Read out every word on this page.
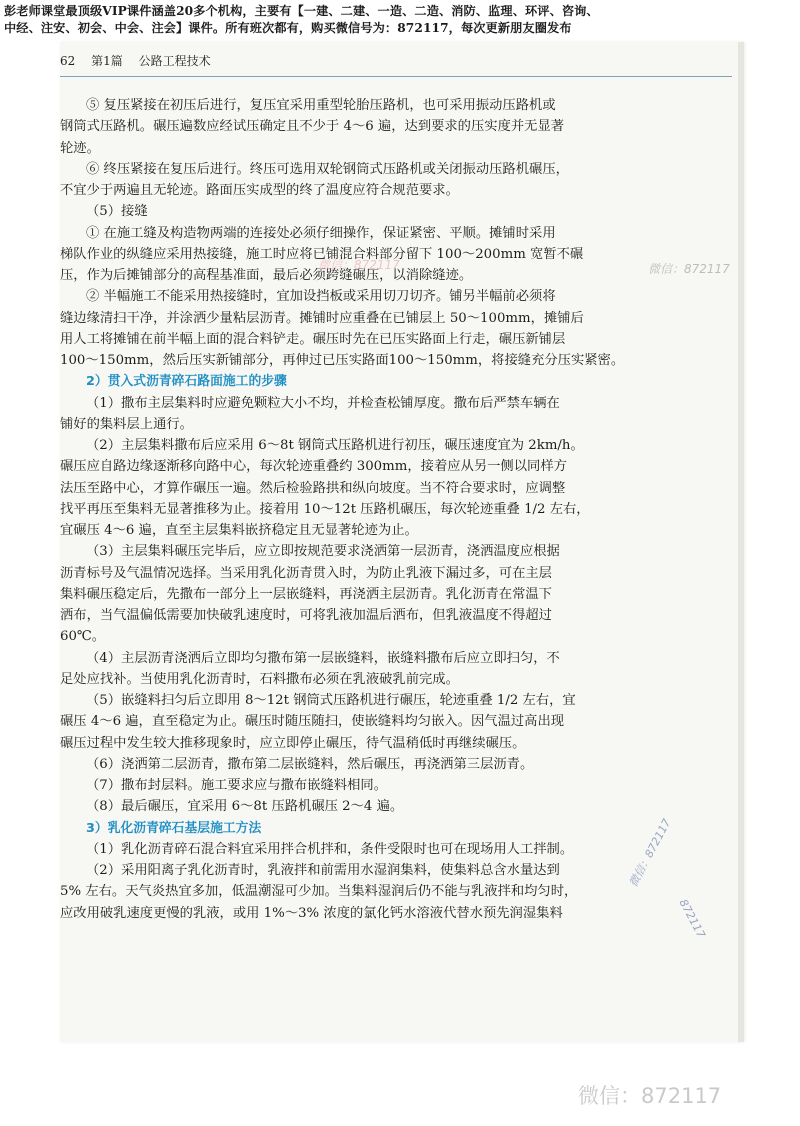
彭老师课堂最顶级VIP课件涵盖20多个机构，主要有【一建、二建、一造、二造、消防、监理、环评、咨询、
中经、注安、初会、中会、注会】课件。所有班次都有，购买微信号为：872117，每次更新朋友圈发布
62 第1篇 公路工程技术
⑤ 复压紧接在初压后进行，复压宜采用重型轮胎压路机，也可采用振动压路机或
钢筒式压路机。碾压遍数应经试压确定且不少于 4～6 遍，达到要求的压实度并无显著
轮迹。
⑥ 终压紧接在复压后进行。终压可选用双轮钢筒式压路机或关闭振动压路机碾压，
不宜少于两遍且无轮迹。路面压实成型的终了温度应符合规范要求。
（5）接缝
① 在施工缝及构造物两端的连接处必须仔细操作，保证紧密、平顺。摊铺时采用
梯队作业的纵缝应采用热接缝，施工时应将已铺混合料部分留下 100～200mm 宽暂不碾
压，作为后摊铺部分的高程基准面，最后必须跨缝碾压，以消除缝迹。
② 半幅施工不能采用热接缝时，宜加设挡板或采用切刀切齐。铺另半幅前必须将
缝边缘清扫干净，并涂洒少量粘层沥青。摊铺时应重叠在已铺层上 50～100mm，摊铺后
用人工将摊铺在前半幅上面的混合料铲走。碾压时先在已压实路面上行走，碾压新铺层
100～150mm，然后压实新铺部分，再伸过已压实路面100～150mm，将接缝充分压实紧密。
2）贯入式沥青碎石路面施工的步骤
（1）撒布主层集料时应避免颗粒大小不均，并检查松铺厚度。撒布后严禁车辆在
铺好的集料层上通行。
（2）主层集料撒布后应采用 6～8t 钢筒式压路机进行初压，碾压速度宜为 2km/h。
碾压应自路边缘逐渐移向路中心，每次轮迹重叠约 300mm，接着应从另一侧以同样方
法压至路中心，才算作碾压一遍。然后检验路拱和纵向坡度。当不符合要求时，应调整
找平再压至集料无显著推移为止。接着用 10～12t 压路机碾压，每次轮迹重叠 1/2 左右，
宜碾压 4～6 遍，直至主层集料嵌挤稳定且无显著轮迹为止。
（3）主层集料碾压完毕后，应立即按规范要求浇洒第一层沥青，浇洒温度应根据
沥青标号及气温情况选择。当采用乳化沥青贯入时，为防止乳液下漏过多，可在主层
集料碾压稳定后，先撒布一部分上一层嵌缝料，再浇洒主层沥青。乳化沥青在常温下
洒布，当气温偏低需要加快破乳速度时，可将乳液加温后洒布，但乳液温度不得超过
60℃。
（4）主层沥青浇洒后立即均匀撒布第一层嵌缝料，嵌缝料撒布后应立即扫匀，不
足处应找补。当使用乳化沥青时，石料撒布必须在乳液破乳前完成。
（5）嵌缝料扫匀后立即用 8～12t 钢筒式压路机进行碾压，轮迹重叠 1/2 左右，宜
碾压 4～6 遍，直至稳定为止。碾压时随压随扫，使嵌缝料均匀嵌入。因气温过高出现
碾压过程中发生较大推移现象时，应立即停止碾压，待气温稍低时再继续碾压。
（6）浇洒第二层沥青，撒布第二层嵌缝料，然后碾压，再浇洒第三层沥青。
（7）撒布封层料。施工要求应与撒布嵌缝料相同。
（8）最后碾压，宜采用 6～8t 压路机碾压 2～4 遍。
3）乳化沥青碎石基层施工方法
（1）乳化沥青碎石混合料宜采用拌合机拌和，条件受限时也可在现场用人工拌制。
（2）采用阳离子乳化沥青时，乳液拌和前需用水湿润集料，使集料总含水量达到
5% 左右。天气炎热宜多加，低温潮湿可少加。当集料湿润后仍不能与乳液拌和均匀时，
应改用破乳速度更慢的乳液，或用 1%～3% 浓度的氯化钙水溶液代替水预先润湿集料
微信：872117	微信：872117
微信：872117
872117
微信：872117
